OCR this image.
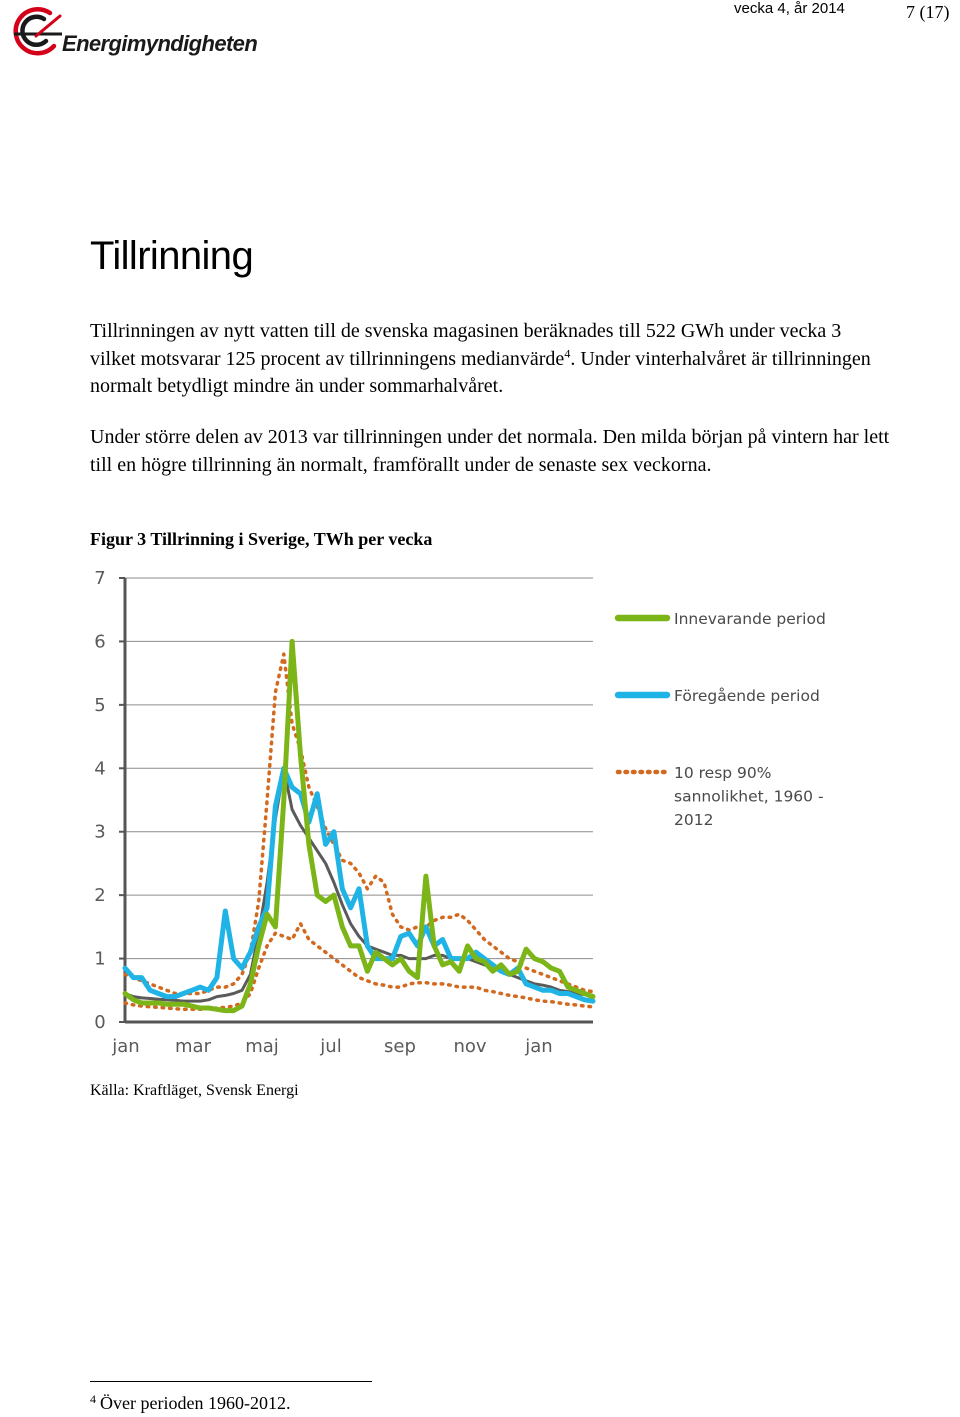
Energimyndigheten
vecka 4, år 2014	7 (17)
Tillrinning

Tillrinningen av nytt vatten till de svenska magasinen beräknades till 522 GWh under vecka 3 vilket motsvarar 125 procent av tillrinningens medianvärde$^4$. Under vinterhalvåret är tillrinningen normalt betydligt mindre än under sommarhalvåret.

Under större delen av 2013 var tillrinningen under det normala. Den milda början på vintern har lett till en högre tillrinning än normalt, framförallt under de senaste sex veckorna.

Figur 3 Tillrinning i Sverige, TWh per vecka
0
1
2
3
4
5
6
7
jan mar maj jul sep nov jan
Innevarande period
Föregående period
10 resp 90%
sannolikhet, 1960 -
2012
Källa: Kraftläget, Svensk Energi
$^4$ Över perioden 1960-2012.
